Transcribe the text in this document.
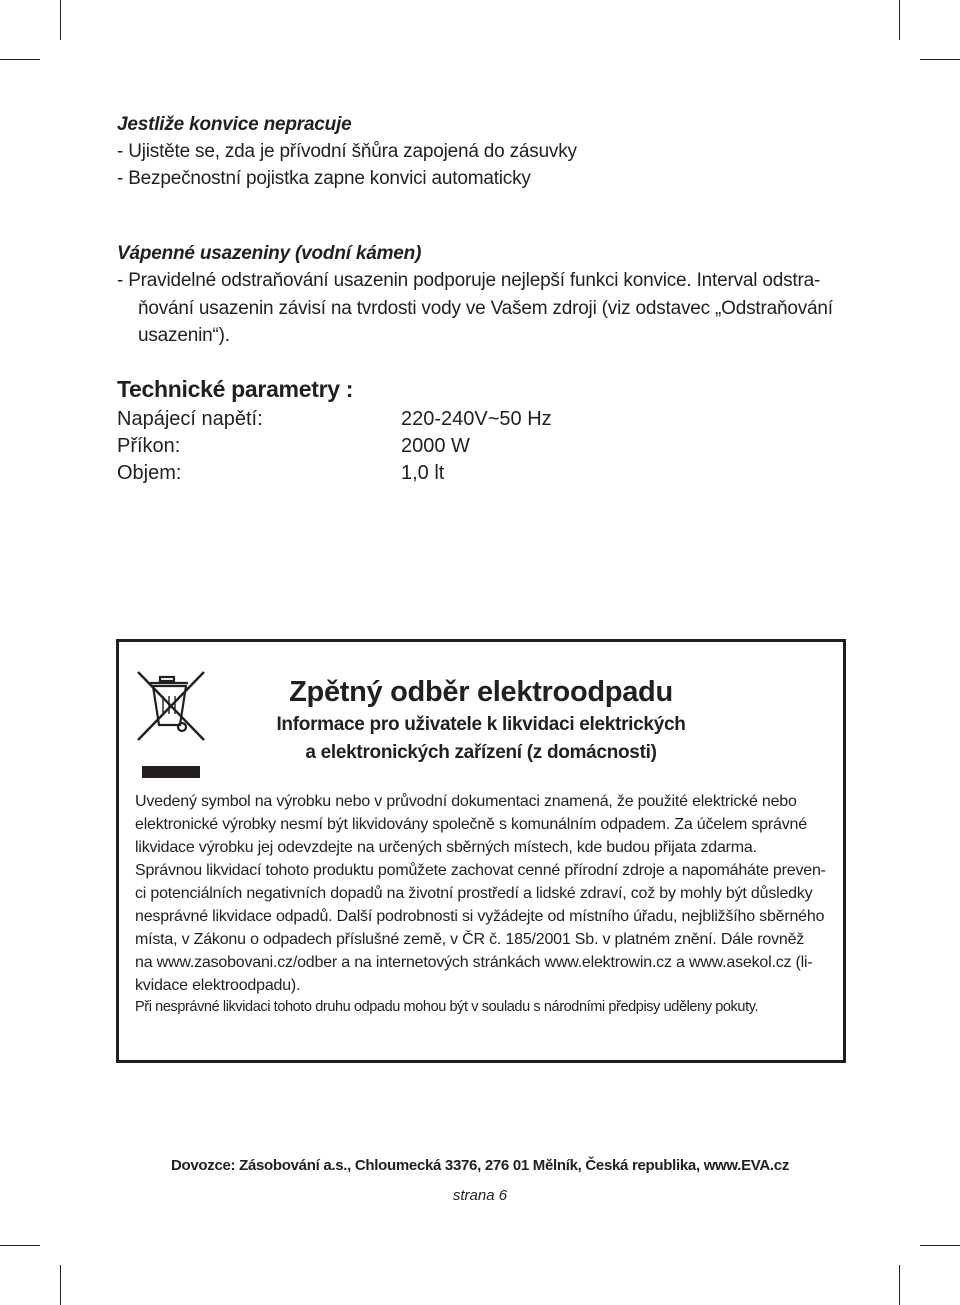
Jestliže konvice nepracuje
- Ujistěte se, zda je přívodní šňůra zapojená do zásuvky
- Bezpečnostní pojistka zapne konvici automaticky
Vápenné usazeniny (vodní kámen)
- Pravidelné odstraňování usazenin podporuje nejlepší funkci konvice. Interval odstra-
ňování usazenin závisí na tvrdosti vody ve Vašem zdroji (viz odstavec „Odstraňování
usazenin“).
Technické parametry :
Napájecí napětí:	220-240V~50 Hz
Příkon:	2000 W
Objem:	1,0 lt
Zpětný odběr elektroodpadu
Informace pro uživatele k likvidaci elektrických
a elektronických zařízení (z domácnosti)
Uvedený symbol na výrobku nebo v průvodní dokumentaci znamená, že použité elektrické nebo
elektronické výrobky nesmí být likvidovány společně s komunálním odpadem. Za účelem správné
likvidace výrobku jej odevzdejte na určených sběrných místech, kde budou přijata zdarma.
Správnou likvidací tohoto produktu pomůžete zachovat cenné přírodní zdroje a napomáháte preven-
ci potenciálních negativních dopadů na životní prostředí a lidské zdraví, což by mohly být důsledky
nesprávné likvidace odpadů. Další podrobnosti si vyžádejte od místního úřadu, nejbližšího sběrného
místa, v Zákonu o odpadech příslušné země, v ČR č. 185/2001 Sb. v platném znění. Dále rovněž
na www.zasobovani.cz/odber a na internetových stránkách www.elektrowin.cz a www.asekol.cz (li-
kvidace elektroodpadu).
Při nesprávné likvidaci tohoto druhu odpadu mohou být v souladu s národními předpisy uděleny pokuty.
Dovozce: Zásobování a.s., Chloumecká 3376, 276 01 Mělník, Česká republika, www.EVA.cz
strana 6
